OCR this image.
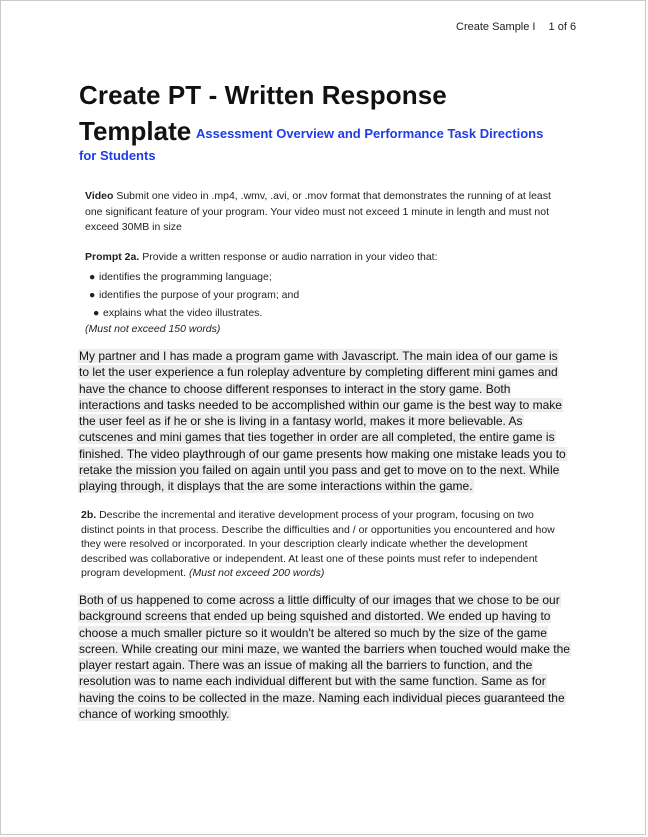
Create Sample I 1 of 6
Create PT - Written Response
Template Assessment Overview and Performance Task Directions
for Students
Video Submit one video in .mp4, .wmv, .avi, or .mov format that demonstrates the running of at least one significant feature of your program. Your video must not exceed 1 minute in length and must not exceed 30MB in size
Prompt 2a. Provide a written response or audio narration in your video that:
● identifies the programming language;
● identifies the purpose of your program; and
● explains what the video illustrates.
(Must not exceed 150 words)
My partner and I has made a program game with Javascript. The main idea of our game is to let the user experience a fun roleplay adventure by completing different mini games and have the chance to choose different responses to interact in the story game. Both interactions and tasks needed to be accomplished within our game is the best way to make the user feel as if he or she is living in a fantasy world, makes it more believable. As cutscenes and mini games that ties together in order are all completed, the entire game is finished. The video playthrough of our game presents how making one mistake leads you to retake the mission you failed on again until you pass and get to move on to the next. While playing through, it displays that the are some interactions within the game.
2b. Describe the incremental and iterative development process of your program, focusing on two distinct points in that process. Describe the difficulties and / or opportunities you encountered and how they were resolved or incorporated. In your description clearly indicate whether the development described was collaborative or independent. At least one of these points must refer to independent program development. (Must not exceed 200 words)
Both of us happened to come across a little difficulty of our images that we chose to be our background screens that ended up being squished and distorted. We ended up having to choose a much smaller picture so it wouldn't be altered so much by the size of the game screen. While creating our mini maze, we wanted the barriers when touched would make the player restart again. There was an issue of making all the barriers to function, and the resolution was to name each individual different but with the same function. Same as for having the coins to be collected in the maze. Naming each individual pieces guaranteed the chance of working smoothly.
